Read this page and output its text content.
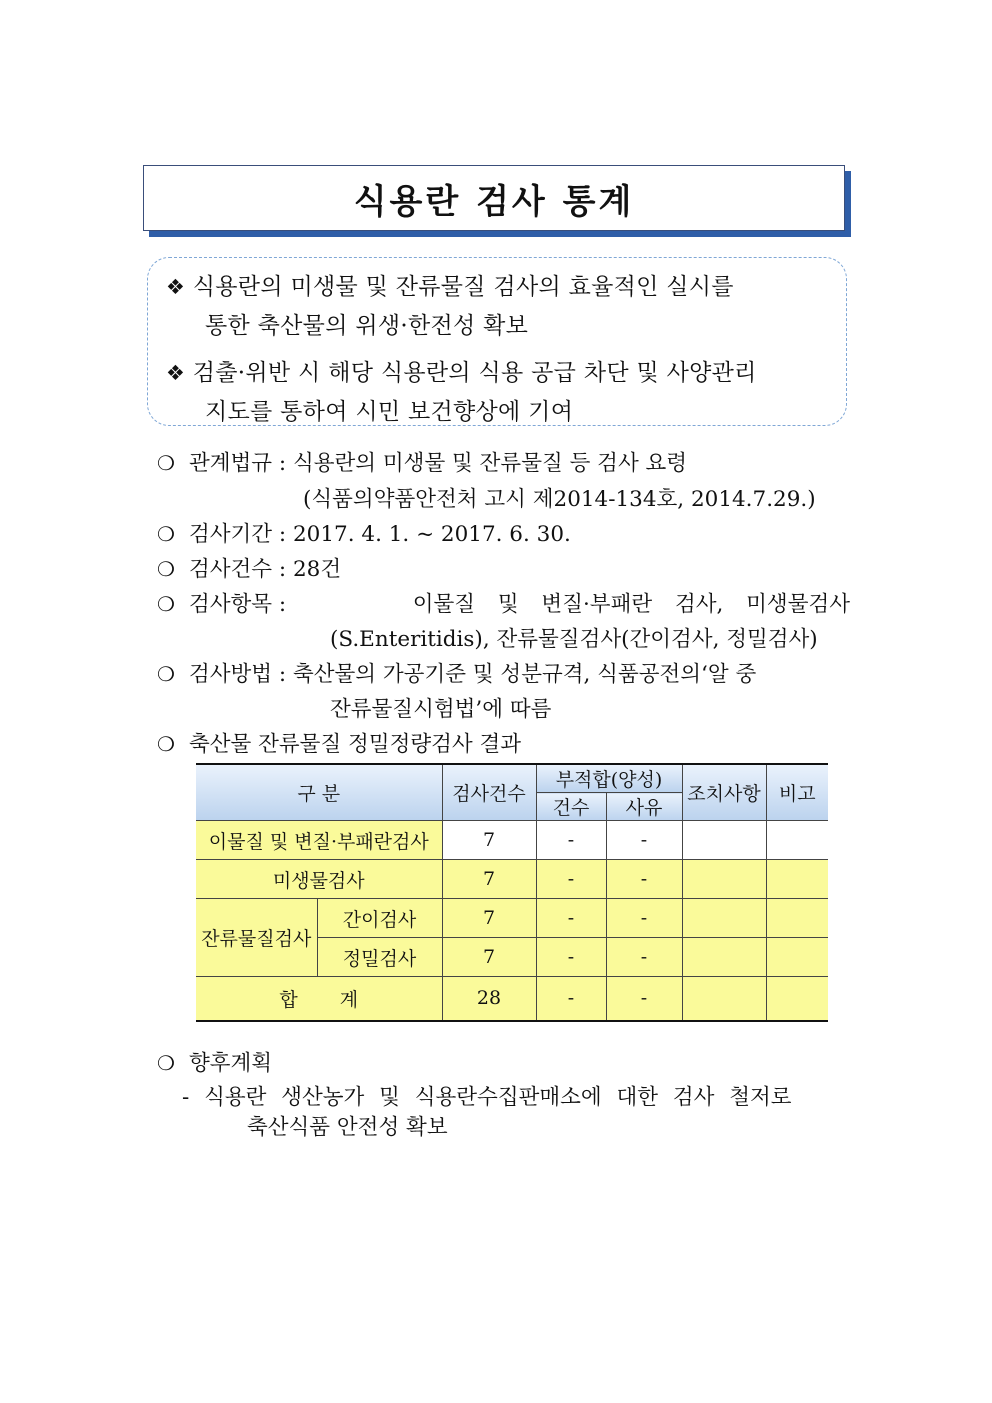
식용란 검사 통계
❖ 식용란의 미생물 및 잔류물질 검사의 효율적인 실시를
통한 축산물의 위생·한전성 확보
❖ 검출·위반 시 해당 식용란의 식용 공급 차단 및 사양관리
지도를 통하여 시민 보건향상에 기여
❍ 관계법규 : 식용란의 미생물 및 잔류물질 등 검사 요령
(식품의약품안전처 고시 제2014-134호, 2014.7.29.)
❍ 검사기간 : 2017. 4. 1. ~ 2017. 6. 30.
❍ 검사건수 : 28건
❍ 검사항목 :	이물질 및 변질·부패란 검사, 미생물검사
(S.Enteritidis), 잔류물질검사(간이검사, 정밀검사)
❍ 검사방법 : 축산물의 가공기준 및 성분규격, 식품공전의‘알 중
잔류물질시험법’에 따름
❍ 축산물 잔류물질 정밀정량검사 결과
구 분		검사건수	부적합(양성)		조치사항	비고
			건수	사유		
이물질 및 변질·부패란검사		7	-	-		
미생물검사		7	-	-		
잔류물질검사	간이검사	7	-	-		
	정밀검사	7	-	-		
합 계		28	-	-		
❍ 향후계획
- 식용란 생산농가 및 식용란수집판매소에 대한 검사 철저로
축산식품 안전성 확보
